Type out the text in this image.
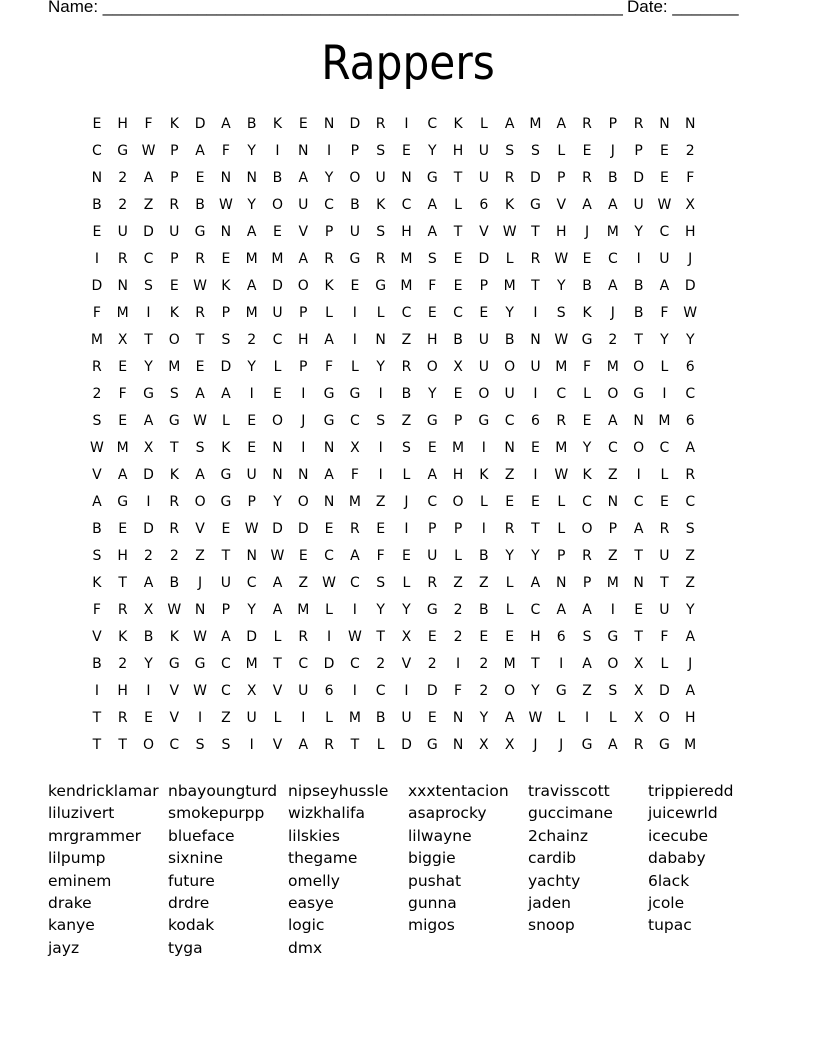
Name: _______________________________________________________ Date: _______
Rappers
E	H	F	K	D	A	B	K	E	N	D	R	I	C	K	L	A	M	A	R	P	R	N	N
C	G W	P	A	F	Y	I	N	I	P	S	E	Y	H	U	S	S	L	E	J	P	E	2
N	2	A	P	E	N	N	B	A	Y	O	U	N	G	T	U	R	D	P	R	B	D	E	F
B	2	Z	R	B	W	Y	O	U	C	B	K	C	A	L	6	K	G	V	A	A	U W	X
E	U	D	U	G	N	A	E	V	P	U	S	H	A	T	V	W	T	H	J	M	Y	C	H
I	R	C	P	R	E	M M	A	R	G	R	M	S	E	D	L	R	W	E	C	I	U	J
D	N	S	E	W	K	A	D	O	K	E	G	M	F	E	P	M	T	Y	B	A	B	A	D
F	M	I	K	R	P	M	U	P	L	I	L	C	E	C	E	Y	I	S	K	J	B	F	W
M	X	T	O	T	S	2	C	H	A	I	N	Z	H	B	U	B	N W G	2	T	Y	Y
R	E	Y	M	E	D	Y	L	P	F	L	Y	R	O	X	U	O	U	M	F	M	O	L	6
2	F	G	S	A	A	I	E	I	G	G	I	B	Y	E	O	U	I	C	L	O	G	I	C
S	E	A	G W	L	E	O	J	G	C	S	Z	G	P	G	C	6	R	E	A	N	M	6
W M	X	T	S	K	E	N	I	N	X	I	S	E	M	I	N	E	M	Y	C	O	C	A
V	A	D	K	A	G	U	N	N	A	F	I	L	A	H	K	Z	I	W	K	Z	I	L	R
A	G	I	R	O	G	P	Y	O	N	M	Z	J	C	O	L	E	E	L	C	N	C	E	C
B	E	D	R	V	E	W D	D	E	R	E	I	P	P	I	R	T	L	O	P	A	R	S
S	H	2	2	Z	T	N W	E	C	A	F	E	U	L	B	Y	Y	P	R	Z	T	U	Z
K	T	A	B	J	U	C	A	Z	W C	S	L	R	Z	Z	L	A	N	P	M	N	T	Z
F	R	X	W N	P	Y	A	M	L	I	Y	Y	G	2	B	L	C	A	A	I	E	U	Y
V	K	B	K	W	A	D	L	R	I	W	T	X	E	2	E	E	H	6	S	G	T	F	A
B	2	Y	G	G	C	M	T	C	D	C	2	V	2	I	2	M	T	I	A	O	X	L	J
I	H	I	V	W C	X	V	U	6	I	C	I	D	F	2	O	Y	G	Z	S	X	D	A
T	R	E	V	I	Z	U	L	I	L	M	B	U	E	N	Y	A	W	L	I	L	X	O	H
T	T	O	C	S	S	I	V	A	R	T	L	D	G	N	X	X	J	J	G	A	R	G	M
kendricklamar nbayoungturd nipseyhussle	xxxtentacion	travisscott	trippieredd
liluzivert	smokepurpp	wizkhalifa	asaprocky	guccimane	juicewrld
mrgrammer	blueface	lilskies	lilwayne	2chainz	icecube
lilpump	sixnine	thegame	biggie	cardib	dababy
eminem	future	omelly	pushat	yachty	6lack
drake	drdre	easye	gunna	jaden	jcole
kanye	kodak	logic	migos	snoop	tupac
jayz	tyga	dmx
